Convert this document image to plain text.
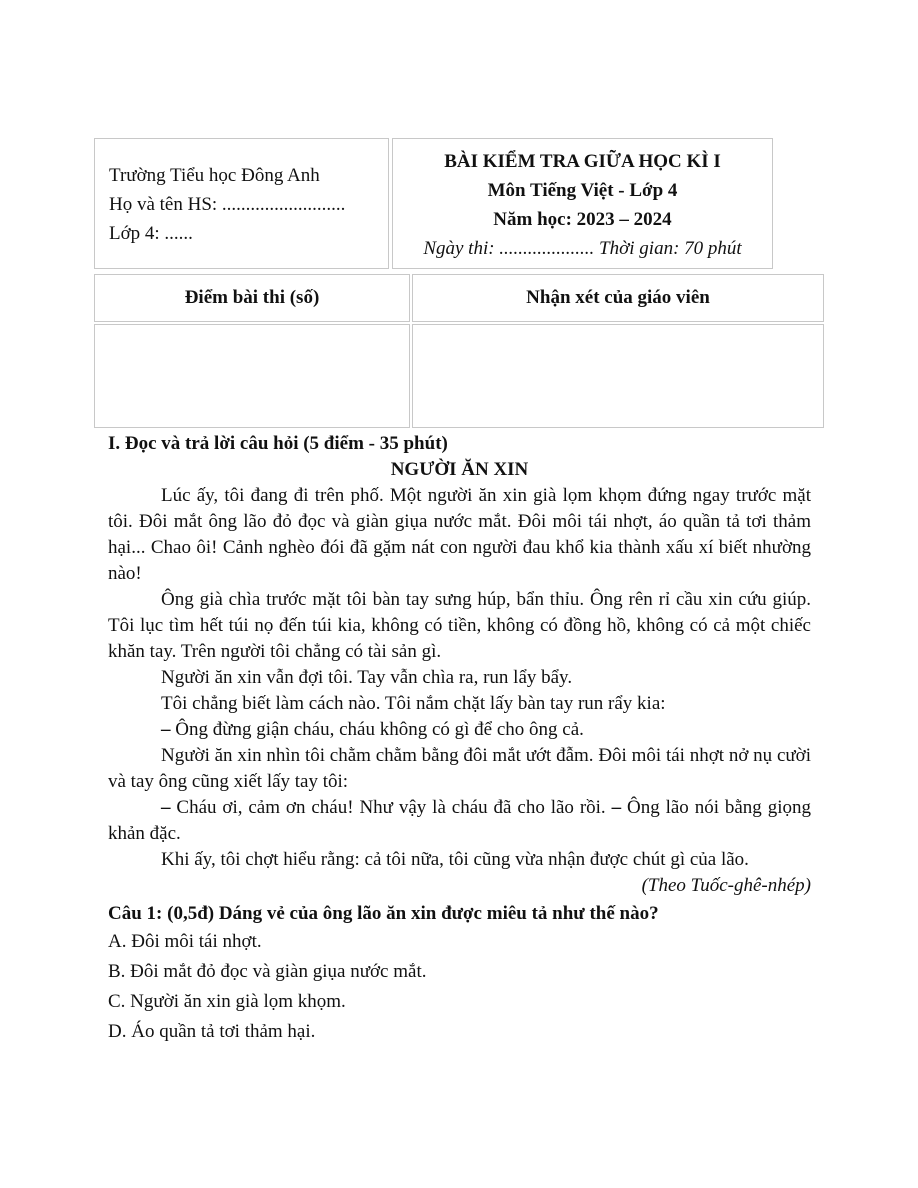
Trường Tiểu học Đông Anh
Họ và tên HS: ..........................
Lớp 4: ......
BÀI KIỂM TRA GIỮA HỌC KÌ I
Môn Tiếng Việt - Lớp 4
Năm học: 2023 – 2024
Ngày thi: .................... Thời gian: 70 phút
Điểm bài thi (số)	Nhận xét của giáo viên

I. Đọc và trả lời câu hỏi (5 điểm - 35 phút)

NGƯỜI ĂN XIN

Lúc ấy, tôi đang đi trên phố. Một người ăn xin già lọm khọm đứng ngay trước mặt tôi. Đôi mắt ông lão đỏ đọc và giàn giụa nước mắt. Đôi môi tái nhợt, áo quần tả tơi thảm hại... Chao ôi! Cảnh nghèo đói đã gặm nát con người đau khổ kia thành xấu xí biết nhường nào!

Ông già chìa trước mặt tôi bàn tay sưng húp, bẩn thỉu. Ông rên rỉ cầu xin cứu giúp. Tôi lục tìm hết túi nọ đến túi kia, không có tiền, không có đồng hồ, không có cả một chiếc khăn tay. Trên người tôi chẳng có tài sản gì.

Người ăn xin vẫn đợi tôi. Tay vẫn chìa ra, run lẩy bẩy.

Tôi chẳng biết làm cách nào. Tôi nắm chặt lấy bàn tay run rẩy kia:

– Ông đừng giận cháu, cháu không có gì để cho ông cả.

Người ăn xin nhìn tôi chằm chằm bằng đôi mắt ướt đẫm. Đôi môi tái nhợt nở nụ cười và tay ông cũng xiết lấy tay tôi:

– Cháu ơi, cảm ơn cháu! Như vậy là cháu đã cho lão rồi. – Ông lão nói bằng giọng khản đặc.

Khi ấy, tôi chợt hiểu rằng: cả tôi nữa, tôi cũng vừa nhận được chút gì của lão.

(Theo Tuốc-ghê-nhép)

Câu 1: (0,5đ) Dáng vẻ của ông lão ăn xin được miêu tả như thế nào?

A. Đôi môi tái nhợt.

B. Đôi mắt đỏ đọc và giàn giụa nước mắt.

C. Người ăn xin già lọm khọm.

D. Áo quần tả tơi thảm hại.
